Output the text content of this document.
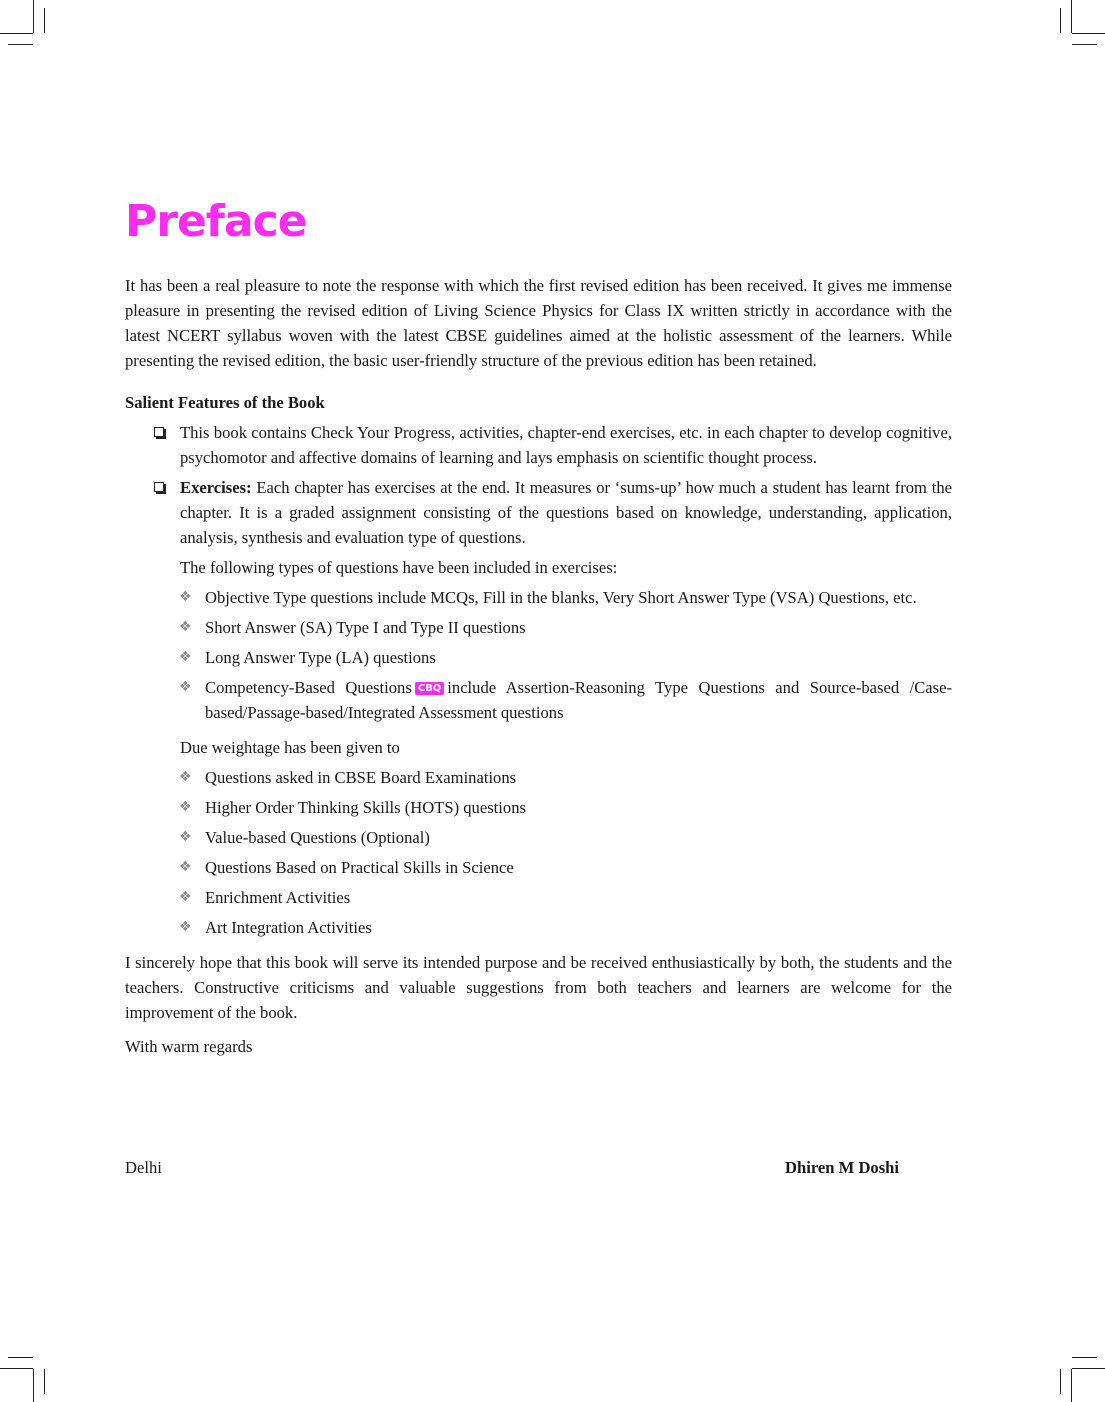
Preface

It has been a real pleasure to note the response with which the first revised edition has been received. It gives me immense pleasure in presenting the revised edition of Living Science Physics for Class IX written strictly in accordance with the latest NCERT syllabus woven with the latest CBSE guidelines aimed at the holistic assessment of the learners. While presenting the revised edition, the basic user-friendly structure of the previous edition has been retained.

Salient Features of the Book

This book contains Check Your Progress, activities, chapter-end exercises, etc. in each chapter to develop cognitive, psychomotor and affective domains of learning and lays emphasis on scientific thought process.
Exercises: Each chapter has exercises at the end. It measures or ‘sums-up’ how much a student has learnt from the chapter. It is a graded assignment consisting of the questions based on knowledge, understanding, application, analysis, synthesis and evaluation type of questions.
The following types of questions have been included in exercises:
❖ Objective Type questions include MCQs, Fill in the blanks, Very Short Answer Type (VSA) Questions, etc.
❖ Short Answer (SA) Type I and Type II questions
❖ Long Answer Type (LA) questions
❖ Competency-Based Questions CBQ include Assertion-Reasoning Type Questions and Source-based /Case-based/Passage-based/Integrated Assessment questions
Due weightage has been given to
❖ Questions asked in CBSE Board Examinations
❖ Higher Order Thinking Skills (HOTS) questions
❖ Value-based Questions (Optional)
❖ Questions Based on Practical Skills in Science
❖ Enrichment Activities
❖ Art Integration Activities

I sincerely hope that this book will serve its intended purpose and be received enthusiastically by both, the students and the teachers. Constructive criticisms and valuable suggestions from both teachers and learners are welcome for the improvement of the book.

With warm regards

Delhi	Dhiren M Doshi
